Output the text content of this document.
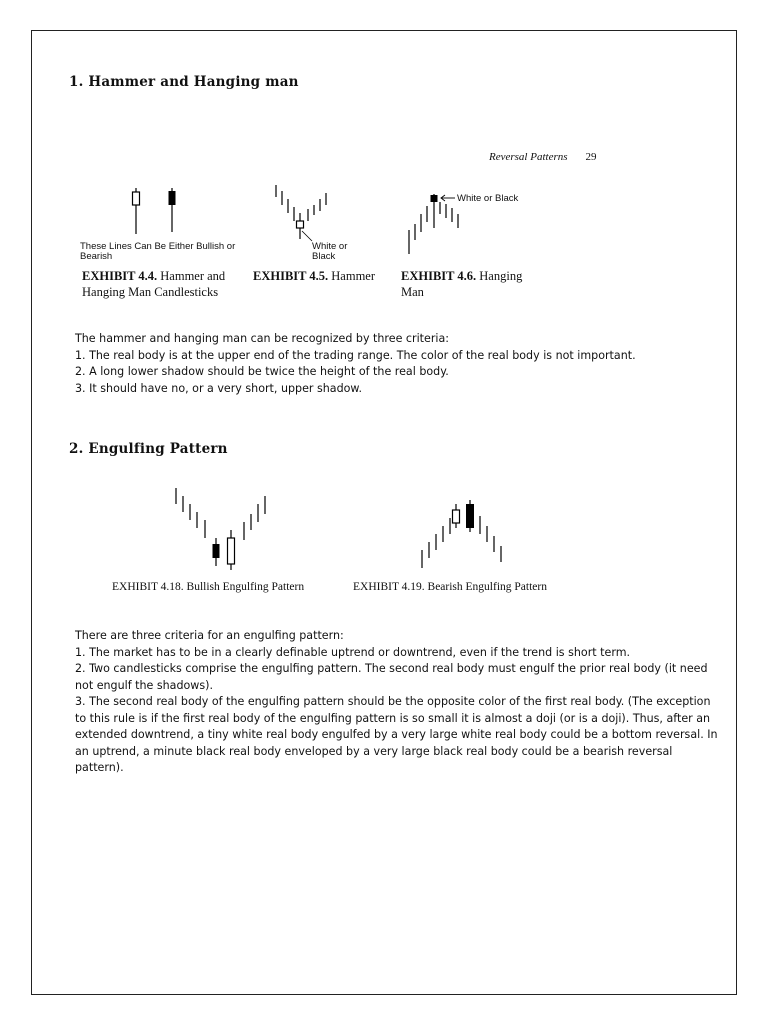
1. Hammer and Hanging man
Reversal Patterns 29
These Lines Can Be Either Bullish or Bearish
White or Black
White or Black
EXHIBIT 4.4. Hammer and Hanging Man Candlesticks
EXHIBIT 4.5. Hammer	EXHIBIT 4.6. Hanging Man

The hammer and hanging man can be recognized by three criteria:

1. The real body is at the upper end of the trading range. The color of the real body is not important.

2. A long lower shadow should be twice the height of the real body.

3. It should have no, or a very short, upper shadow.

2. Engulfing Pattern
EXHIBIT 4.18. Bullish Engulfing Pattern	EXHIBIT 4.19. Bearish Engulfing Pattern

There are three criteria for an engulfing pattern:

1. The market has to be in a clearly definable uptrend or downtrend, even if the trend is short term.

2. Two candlesticks comprise the engulfing pattern. The second real body must engulf the prior real body (it need not engulf the shadows).

3. The second real body of the engulfing pattern should be the opposite color of the first real body. (The exception to this rule is if the first real body of the engulfing pattern is so small it is almost a doji (or is a doji). Thus, after an extended downtrend, a tiny white real body engulfed by a very large white real body could be a bottom reversal. In an uptrend, a minute black real body enveloped by a very large black real body could be a bearish reversal pattern).
